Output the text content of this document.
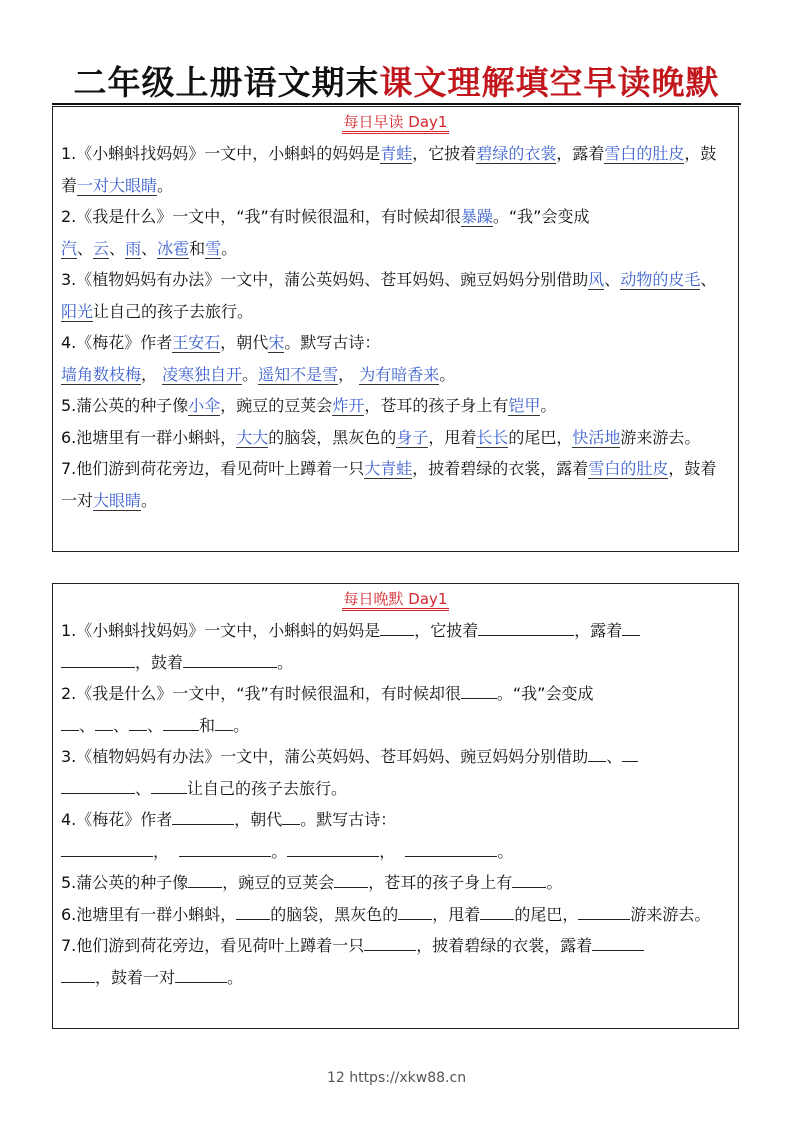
二年级上册语文期末课文理解填空早读晚默
每日早读 Day1
1.《小蝌蚪找妈妈》一文中，小蝌蚪的妈妈是青蛙，它披着碧绿的衣裳，露着雪白的肚皮，鼓着一对大眼睛。
2.《我是什么》一文中，“我”有时候很温和，有时候却很暴躁。“我”会变成
汽、云、雨、冰雹和雪。
3.《植物妈妈有办法》一文中，蒲公英妈妈、苍耳妈妈、豌豆妈妈分别借助风、动物的皮毛、阳光让自己的孩子去旅行。
4.《梅花》作者王安石，朝代宋。默写古诗：
墙角数枝梅， 凌寒独自开。遥知不是雪， 为有暗香来。
5.蒲公英的种子像小伞，豌豆的豆荚会炸开，苍耳的孩子身上有铠甲。
6.池塘里有一群小蝌蚪，大大的脑袋，黑灰色的身子，甩着长长的尾巴，快活地游来游去。
7.他们游到荷花旁边，看见荷叶上蹲着一只大青蛙，披着碧绿的衣裳，露着雪白的肚皮，鼓着一对大眼睛。
每日晚默 Day1
1.《小蝌蚪找妈妈》一文中，小蝌蚪的妈妈是 ，它披着	，露着
，鼓着	。
2.《我是什么》一文中，“我”有时候很温和，有时候却很 。“我”会变成
、 、 、 和 。
3.《植物妈妈有办法》一文中，蒲公英妈妈、苍耳妈妈、豌豆妈妈分别借助 、
、 让自己的孩子去旅行。
4.《梅花》作者	，朝代 。默写古诗：
，	。	，	。
5.蒲公英的种子像 ，豌豆的豆荚会 ，苍耳的孩子身上有 。
6.池塘里有一群小蝌蚪， 的脑袋，黑灰色的 ，甩着 的尾巴，	游来游去。
7.他们游到荷花旁边，看见荷叶上蹲着一只	，披着碧绿的衣裳，露着
，鼓着一对	。
12 https://xkw88.cn
